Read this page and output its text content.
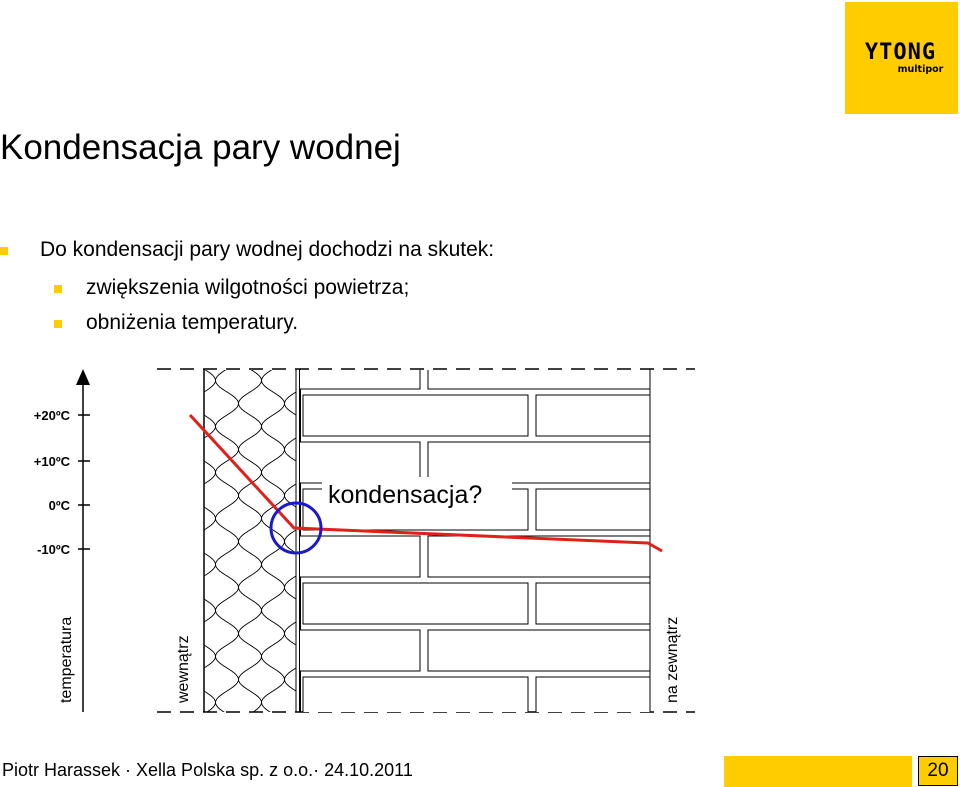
YTONG
multipor
Kondensacja pary wodnej
Do kondensacji pary wodnej dochodzi na skutek:
zwiększenia wilgotności powietrza;
obniżenia temperatury.
+20ºC
+10ºC
0ºC
-10ºC
temperatura	wewnątrz	na zewnątrz
kondensacja?
Piotr Harassek · Xella Polska sp. z o.o.· 24.10.2011	20
